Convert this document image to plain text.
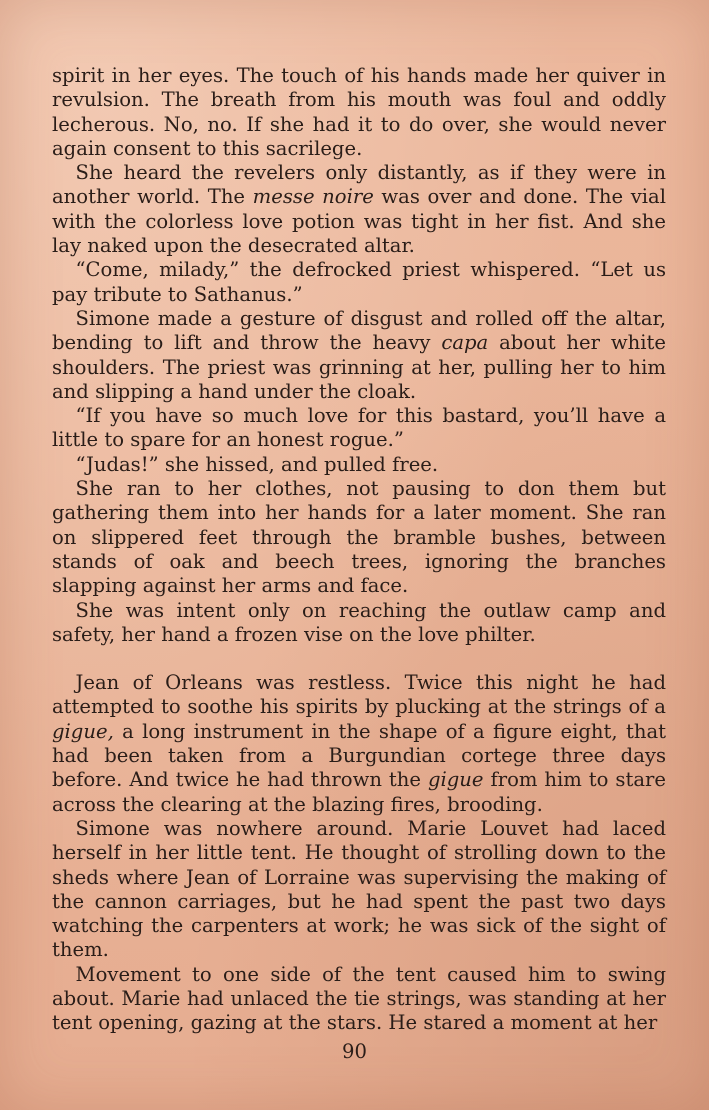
spirit in her eyes. The touch of his hands made her quiver in revulsion. The breath from his mouth was foul and oddly lecherous. No, no. If she had it to do over, she would never again consent to this sacrilege.

She heard the revelers only distantly, as if they were in another world. The messe noire was over and done. The vial with the colorless love potion was tight in her fist. And she lay naked upon the desecrated altar.

“Come, milady,” the defrocked priest whispered. “Let us pay tribute to Sathanus.”

Simone made a gesture of disgust and rolled off the altar, bending to lift and throw the heavy capa about her white shoulders. The priest was grinning at her, pulling her to him and slipping a hand under the cloak.

“If you have so much love for this bastard, you’ll have a little to spare for an honest rogue.”

“Judas!” she hissed, and pulled free.

She ran to her clothes, not pausing to don them but gathering them into her hands for a later moment. She ran on slippered feet through the bramble bushes, between stands of oak and beech trees, ignoring the branches slapping against her arms and face.

She was intent only on reaching the outlaw camp and safety, her hand a frozen vise on the love philter.

Jean of Orleans was restless. Twice this night he had attempted to soothe his spirits by plucking at the strings of a gigue, a long instrument in the shape of a figure eight, that had been taken from a Burgundian cortege three days before. And twice he had thrown the gigue from him to stare across the clearing at the blazing fires, brooding.

Simone was nowhere around. Marie Louvet had laced herself in her little tent. He thought of strolling down to the sheds where Jean of Lorraine was supervising the making of the cannon carriages, but he had spent the past two days watching the carpenters at work; he was sick of the sight of them.

Movement to one side of the tent caused him to swing about. Marie had unlaced the tie strings, was standing at her tent opening, gazing at the stars. He stared a moment at her

90
